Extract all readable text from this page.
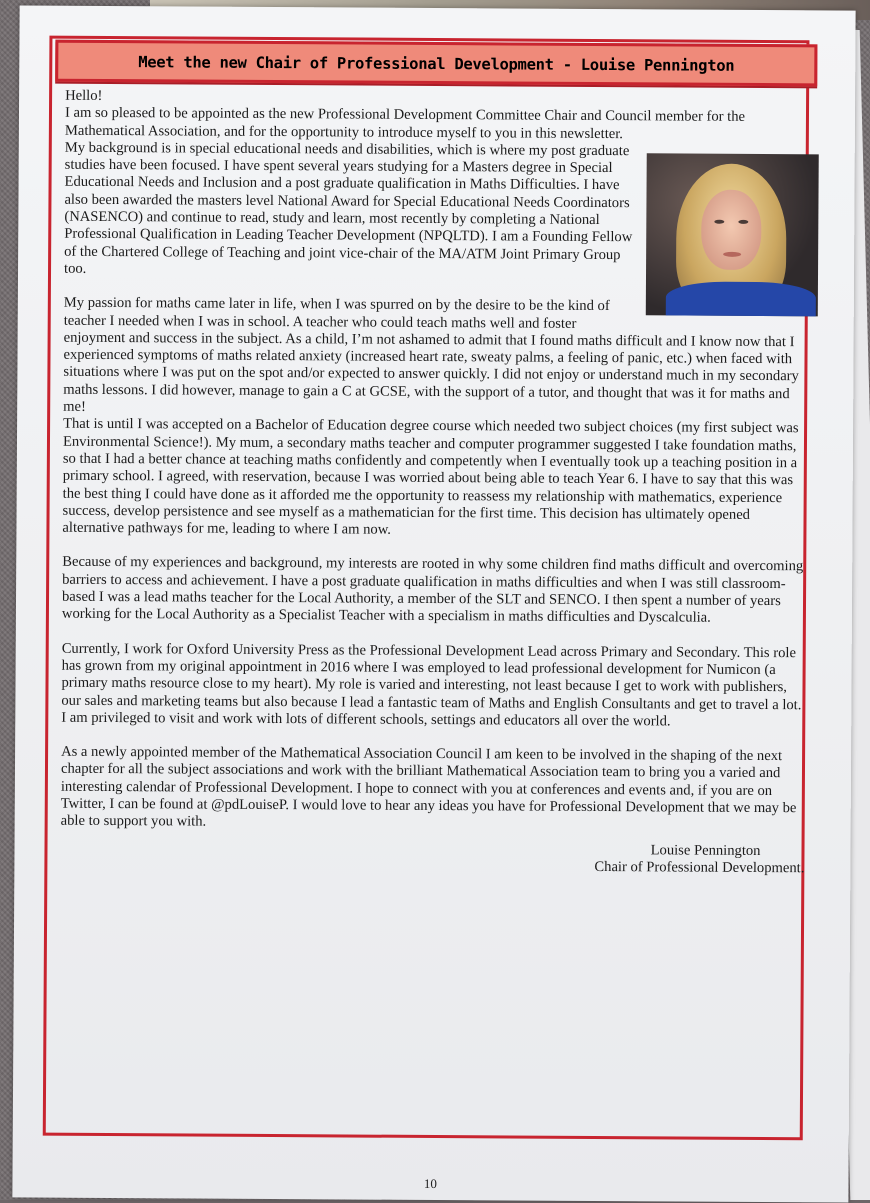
Meet the new Chair of Professional Development - Louise Pennington

Hello!

I am so pleased to be appointed as the new Professional Development Committee Chair and Council member for the Mathematical Association, and for the opportunity to introduce myself to you in this newsletter.

My background is in special educational needs and disabilities, which is where my post graduate studies have been focused. I have spent several years studying for a Masters degree in Special Educational Needs and Inclusion and a post graduate qualification in Maths Difficulties. I have also been awarded the masters level National Award for Special Educational Needs Coordinators (NASENCO) and continue to read, study and learn, most recently by completing a National Professional Qualification in Leading Teacher Development (NPQLTD). I am a Founding Fellow of the Chartered College of Teaching and joint vice-chair of the MA/ATM Joint Primary Group too.

My passion for maths came later in life, when I was spurred on by the desire to be the kind of teacher I needed when I was in school. A teacher who could teach maths well and foster enjoyment and success in the subject. As a child, I’m not ashamed to admit that I found maths difficult and I know now that I experienced symptoms of maths related anxiety (increased heart rate, sweaty palms, a feeling of panic, etc.) when faced with situations where I was put on the spot and/or expected to answer quickly. I did not enjoy or understand much in my secondary maths lessons. I did however, manage to gain a C at GCSE, with the support of a tutor, and thought that was it for maths and me!

That is until I was accepted on a Bachelor of Education degree course which needed two subject choices (my first subject was Environmental Science!). My mum, a secondary maths teacher and computer programmer suggested I take foundation maths, so that I had a better chance at teaching maths confidently and competently when I eventually took up a teaching position in a primary school. I agreed, with reservation, because I was worried about being able to teach Year 6. I have to say that this was the best thing I could have done as it afforded me the opportunity to reassess my relationship with mathematics, experience success, develop persistence and see myself as a mathematician for the first time. This decision has ultimately opened alternative pathways for me, leading to where I am now.

Because of my experiences and background, my interests are rooted in why some children find maths difficult and overcoming barriers to access and achievement. I have a post graduate qualification in maths difficulties and when I was still classroom-based I was a lead maths teacher for the Local Authority, a member of the SLT and SENCO. I then spent a number of years working for the Local Authority as a Specialist Teacher with a specialism in maths difficulties and Dyscalculia.

Currently, I work for Oxford University Press as the Professional Development Lead across Primary and Secondary. This role has grown from my original appointment in 2016 where I was employed to lead professional development for Numicon (a primary maths resource close to my heart). My role is varied and interesting, not least because I get to work with publishers, our sales and marketing teams but also because I lead a fantastic team of Maths and English Consultants and get to travel a lot. I am privileged to visit and work with lots of different schools, settings and educators all over the world.

As a newly appointed member of the Mathematical Association Council I am keen to be involved in the shaping of the next chapter for all the subject associations and work with the brilliant Mathematical Association team to bring you a varied and interesting calendar of Professional Development. I hope to connect with you at conferences and events and, if you are on Twitter, I can be found at @pdLouiseP. I would love to hear any ideas you have for Professional Development that we may be able to support you with.

Louise Pennington
Chair of Professional Development.
10
